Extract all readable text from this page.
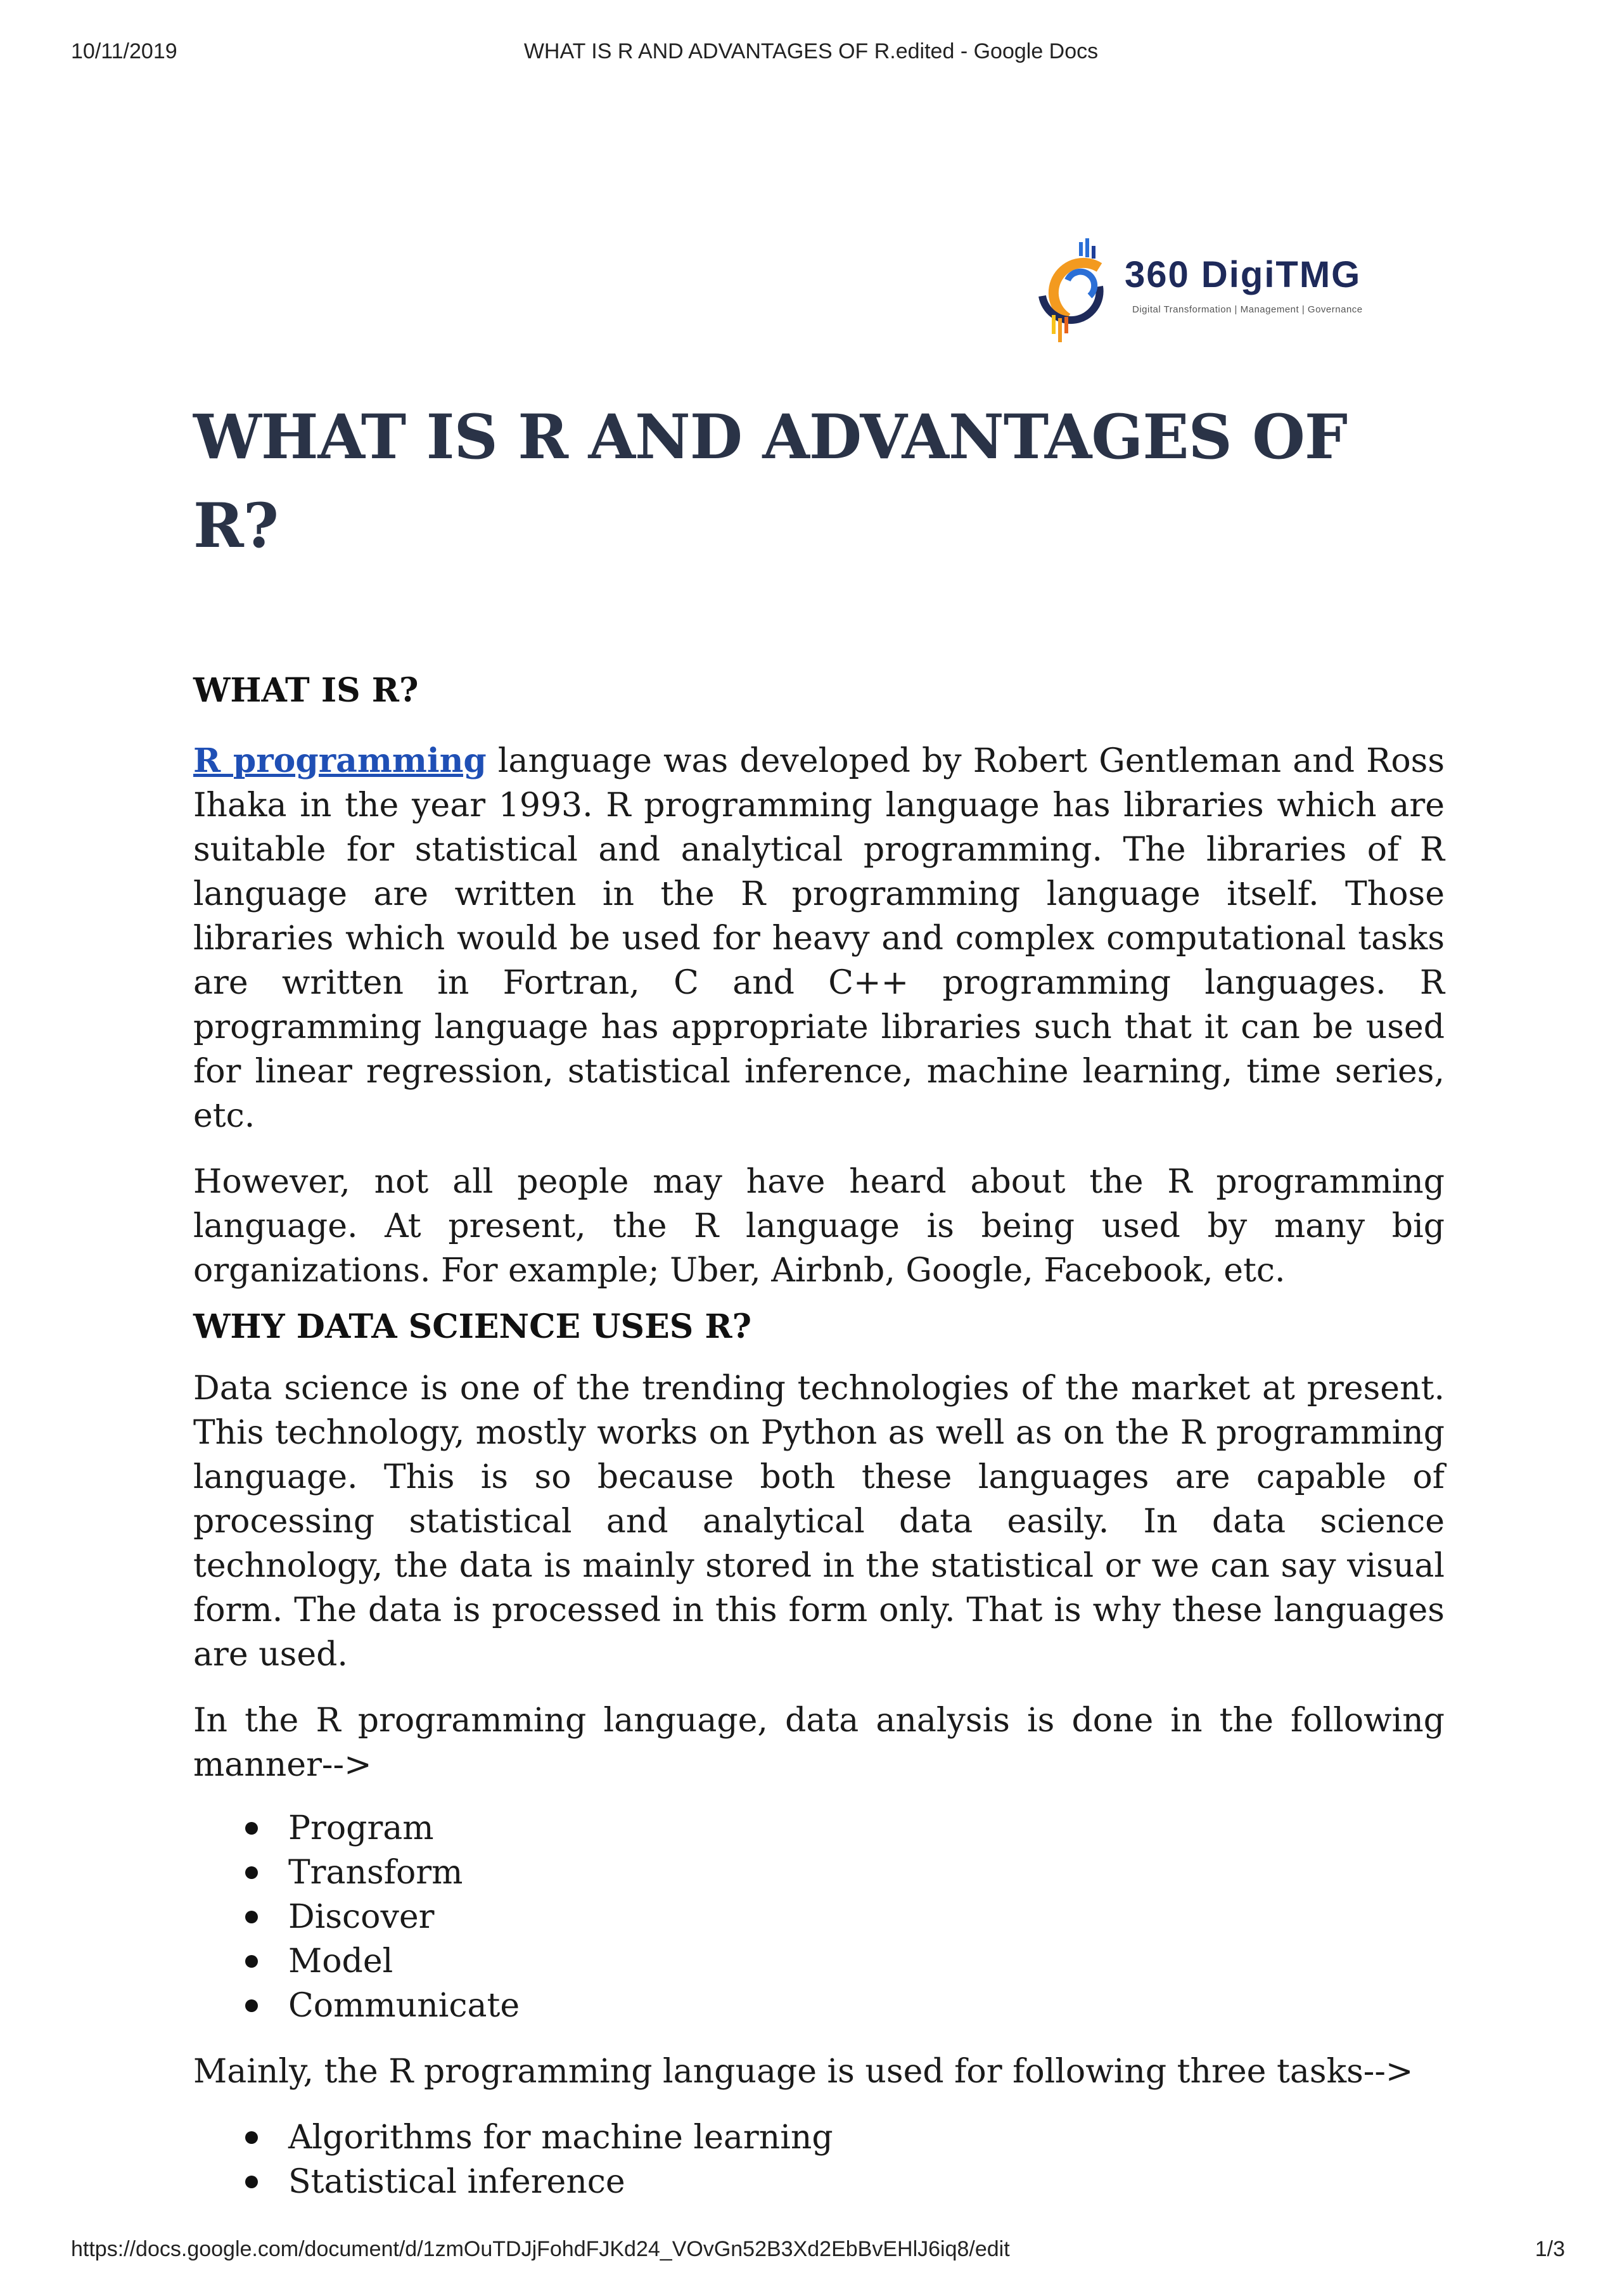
10/11/2019	WHAT IS R AND ADVANTAGES OF R.edited - Google Docs
360 DigiTMG
Digital Transformation | Management | Governance
WHAT IS R AND ADVANTAGES OF R?
WHAT IS R?

R programming language was developed by Robert Gentleman and Ross Ihaka in the year 1993. R programming language has libraries which are suitable for statistical and analytical programming. The libraries of R language are written in the R programming language itself. Those libraries which would be used for heavy and complex computational tasks are written in Fortran, C and C++ programming languages. R programming language has appropriate libraries such that it can be used for linear regression, statistical inference, machine learning, time series, etc.

However, not all people may have heard about the R programming language. At present, the R language is being used by many big organizations. For example; Uber, Airbnb, Google, Facebook, etc.

WHY DATA SCIENCE USES R?

Data science is one of the trending technologies of the market at present. This technology, mostly works on Python as well as on the R programming language. This is so because both these languages are capable of processing statistical and analytical data easily. In data science technology, the data is mainly stored in the statistical or we can say visual form. The data is processed in this form only. That is why these languages are used.

In the R programming language, data analysis is done in the following manner-->

Program
Transform
Discover
Model
Communicate

Mainly, the R programming language is used for following three tasks-->

Algorithms for machine learning
Statistical inference
https://docs.google.com/document/d/1zmOuTDJjFohdFJKd24_VOvGn52B3Xd2EbBvEHlJ6iq8/edit	1/3
